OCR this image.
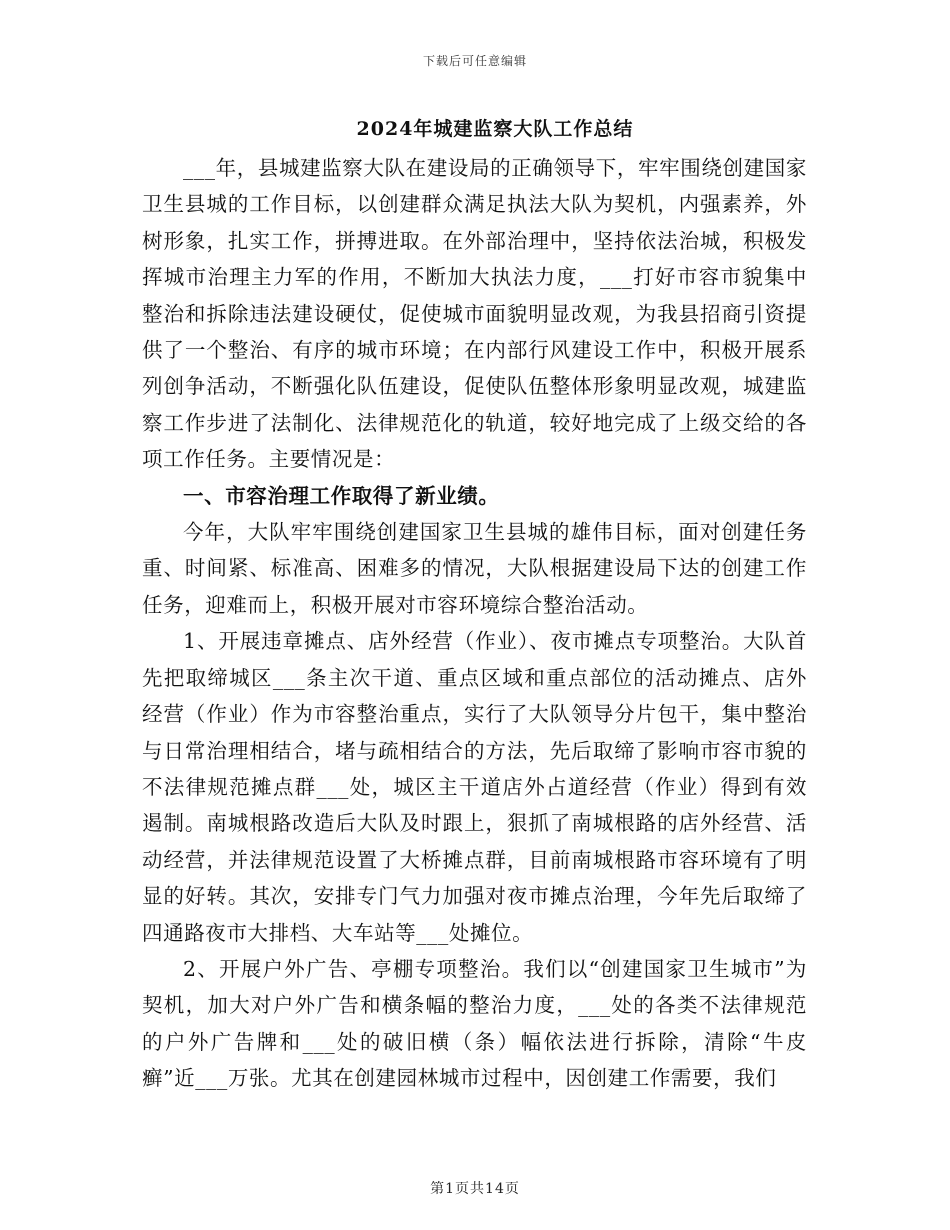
下载后可任意编辑
2024年城建监察大队工作总结

___年，县城建监察大队在建设局的正确领导下，牢牢围绕创建国家卫生县城的工作目标，以创建群众满足执法大队为契机，内强素养，外树形象，扎实工作，拼搏进取。在外部治理中，坚持依法治城，积极发挥城市治理主力军的作用，不断加大执法力度，___打好市容市貌集中整治和拆除违法建设硬仗，促使城市面貌明显改观，为我县招商引资提供了一个整治、有序的城市环境；在内部行风建设工作中，积极开展系列创争活动，不断强化队伍建设，促使队伍整体形象明显改观，城建监察工作步进了法制化、法律规范化的轨道，较好地完成了上级交给的各项工作任务。主要情况是：

一、市容治理工作取得了新业绩。

今年，大队牢牢围绕创建国家卫生县城的雄伟目标，面对创建任务重、时间紧、标准高、困难多的情况，大队根据建设局下达的创建工作任务，迎难而上，积极开展对市容环境综合整治活动。

1、开展违章摊点、店外经营（作业）、夜市摊点专项整治。大队首先把取缔城区___条主次干道、重点区域和重点部位的活动摊点、店外经营（作业）作为市容整治重点，实行了大队领导分片包干，集中整治与日常治理相结合，堵与疏相结合的方法，先后取缔了影响市容市貌的不法律规范摊点群___处，城区主干道店外占道经营（作业）得到有效遏制。南城根路改造后大队及时跟上，狠抓了南城根路的店外经营、活动经营，并法律规范设置了大桥摊点群，目前南城根路市容环境有了明显的好转。其次，安排专门气力加强对夜市摊点治理，今年先后取缔了四通路夜市大排档、大车站等___处摊位。

2、开展户外广告、亭棚专项整治。我们以“创建国家卫生城市”为契机，加大对户外广告和横条幅的整治力度，___处的各类不法律规范的户外广告牌和___处的破旧横（条）幅依法进行拆除，清除“牛皮癣”近___万张。尤其在创建园林城市过程中，因创建工作需要，我们

第1页共14页
